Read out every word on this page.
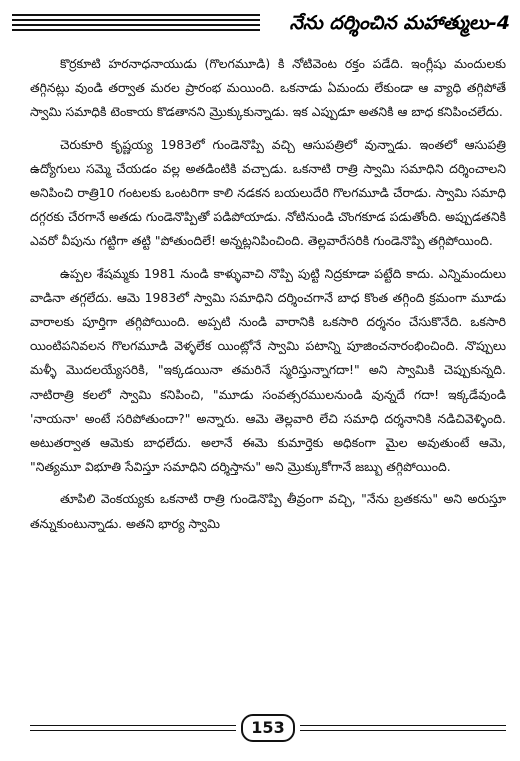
నేను దర్శించిన మహాత్ములు-4

కొర్రకూటి హరనాధనాయుడు (గొలగమూడి) కి నోటివెంట రక్తం పడేది. ఇంగ్లీషు మందులకు తగ్గినట్లు వుండి తర్వాత మరల ప్రారంభ మయింది. ఒకనాడు ఏమందు లేకుండా ఆ వ్యాధి తగ్గిపోతే స్వామి సమాధికి టెంకాయ కొడతానని మ్రొక్కుకున్నాడు. ఇక ఎప్పుడూ అతనికి ఆ బాధ కనిపించలేదు.

చెరుకూరి కృష్ణయ్య 1983లో గుండెనొప్పి వచ్చి ఆసుపత్రిలో వున్నాడు. ఇంతలో ఆసుపత్రి ఉద్యోగులు సమ్మె చేయడం వల్ల అతడింటికి వచ్చాడు. ఒకనాటి రాత్రి స్వామి సమాధిని దర్శించాలని అనిపించి రాత్రి10 గంటలకు ఒంటరిగా కాలి నడకన బయలుదేరి గొలగమూడి చేరాడు. స్వామి సమాధి దగ్గరకు చేరగానే అతడు గుండెనొప్పితో పడిపోయాడు. నోటినుండి చొంగకూడ పడుతోంది. అప్పుడతనికి ఎవరో వీపును గట్టిగా తట్టి "పోతుందిలే! అన్నట్లనిపించింది. తెల్లవారేసరికి గుండెనొప్పి తగ్గిపోయింది.

ఉప్పల శేషమ్మకు 1981 నుండి కాళ్ళువాచి నొప్పి పుట్టి నిద్రకూడా పట్టేది కాదు. ఎన్నిమందులు వాడినా తగ్గలేదు. ఆమె 1983లో స్వామి సమాధిని దర్శించగానే బాధ కొంత తగ్గింది క్రమంగా మూడు వారాలకు పూర్తిగా తగ్గిపోయింది. అప్పటి నుండి వారానికి ఒకసారి దర్శనం చేసుకొనేది. ఒకసారి యింటిపనివలన గొలగమూడి వెళ్ళలేక యింట్లోనే స్వామి పటాన్ని పూజించనారంభించింది. నొప్పులు మళ్ళీ మొదలయ్యేసరికి, "ఇక్కడయినా తమరినే స్మరిస్తున్నాగదా!" అని స్వామికి చెప్పుకున్నది. నాటిరాత్రి కలలో స్వామి కనిపించి, "మూడు సంవత్సరములనుండి వున్నదే గదా! ఇక్కడేవుండి 'నాయనా' అంటే సరిపోతుందా?" అన్నారు. ఆమె తెల్లవారి లేచి సమాధి దర్శనానికి నడిచివెళ్ళింది. అటుతర్వాత ఆమెకు బాధలేదు. అలానే ఈమె కుమార్తెకు అధికంగా మైల అవుతుంటే ఆమె, "నిత్యమూ విభూతి సేవిస్తూ సమాధిని దర్శిస్తాను" అని మ్రొక్కుకోగానే జబ్బు తగ్గిపోయింది.

తూపిలి వెంకయ్యకు ఒకనాటి రాత్రి గుండెనొప్పి తీవ్రంగా వచ్చి, "నేను బ్రతకను" అని అరుస్తూ తన్నుకుంటున్నాడు. అతని భార్య స్వామి

153
